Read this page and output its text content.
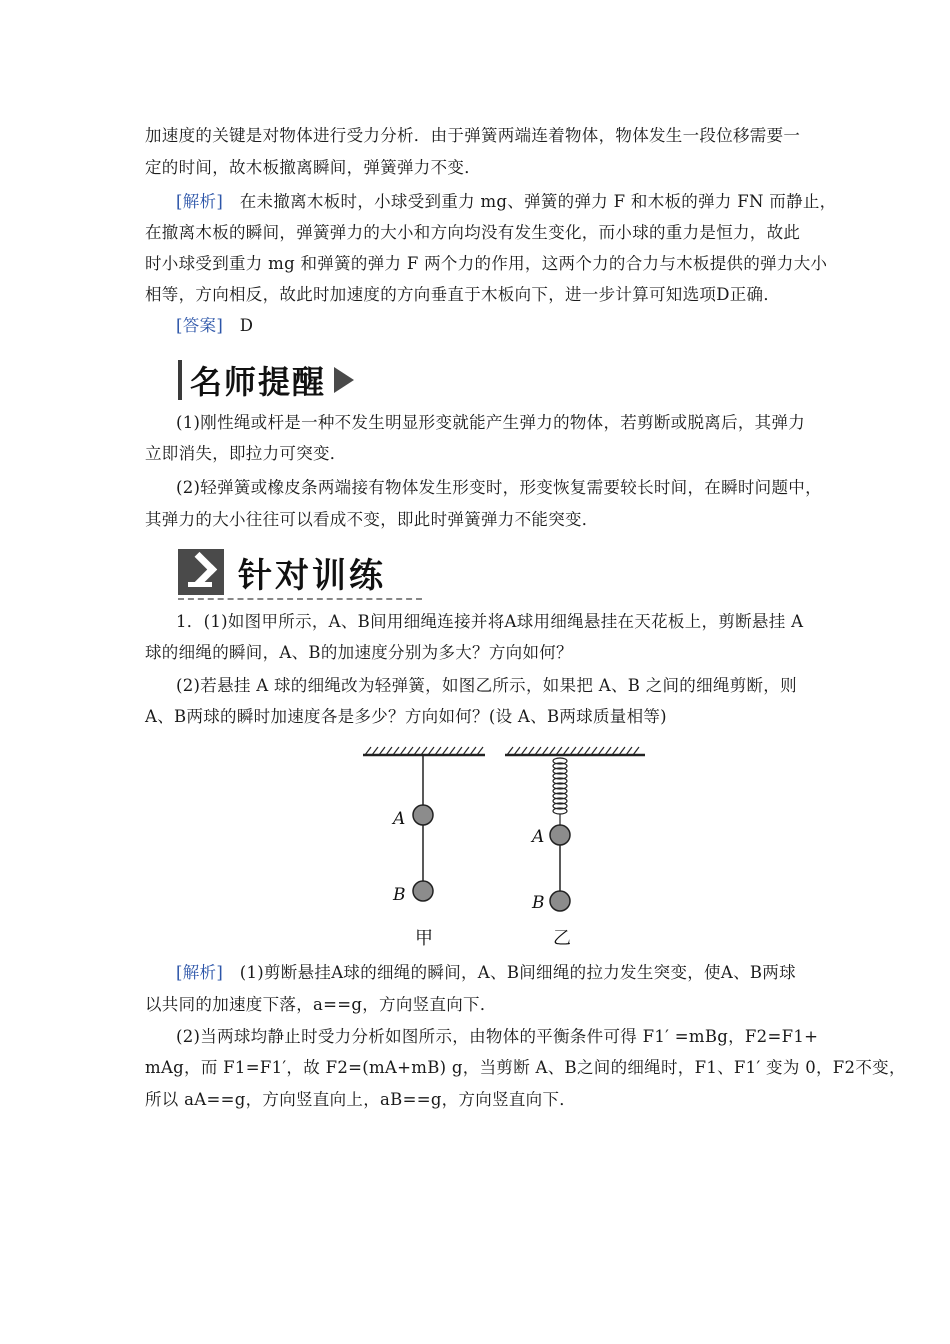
加速度的关键是对物体进行受力分析．由于弹簧两端连着物体，物体发生一段位移需要一
定的时间，故木板撤离瞬间，弹簧弹力不变．
[解析] 在未撤离木板时，小球受到重力 mg、弹簧的弹力 F 和木板的弹力 FN 而静止，
在撤离木板的瞬间，弹簧弹力的大小和方向均没有发生变化，而小球的重力是恒力，故此
时小球受到重力 mg 和弹簧的弹力 F 两个力的作用，这两个力的合力与木板提供的弹力大小
相等，方向相反，故此时加速度的方向垂直于木板向下，进一步计算可知选项D正确．
[答案] D
名师提醒
(1)刚性绳或杆是一种不发生明显形变就能产生弹力的物体，若剪断或脱离后，其弹力
立即消失，即拉力可突变．
(2)轻弹簧或橡皮条两端接有物体发生形变时，形变恢复需要较长时间，在瞬时问题中，
其弹力的大小往往可以看成不变，即此时弹簧弹力不能突变．
针对训练
1．(1)如图甲所示，A、B间用细绳连接并将A球用细绳悬挂在天花板上，剪断悬挂 A
球的细绳的瞬间，A、B的加速度分别为多大？方向如何？
(2)若悬挂 A 球的细绳改为轻弹簧，如图乙所示，如果把 A、B 之间的细绳剪断，则
A、B两球的瞬时加速度各是多少？方向如何？(设 A、B两球质量相等)
A
B
甲
A
B
乙
[解析] (1)剪断悬挂A球的细绳的瞬间，A、B间细绳的拉力发生突变，使A、B两球
以共同的加速度下落，a==g，方向竖直向下．
(2)当两球均静止时受力分析如图所示，由物体的平衡条件可得 F1′ =mBg，F2=F1+
mAg，而 F1=F1′，故 F2=(mA+mB) g，当剪断 A、B之间的细绳时，F1、F1′ 变为 0，F2不变，
所以 aA==g，方向竖直向上，aB==g，方向竖直向下．
